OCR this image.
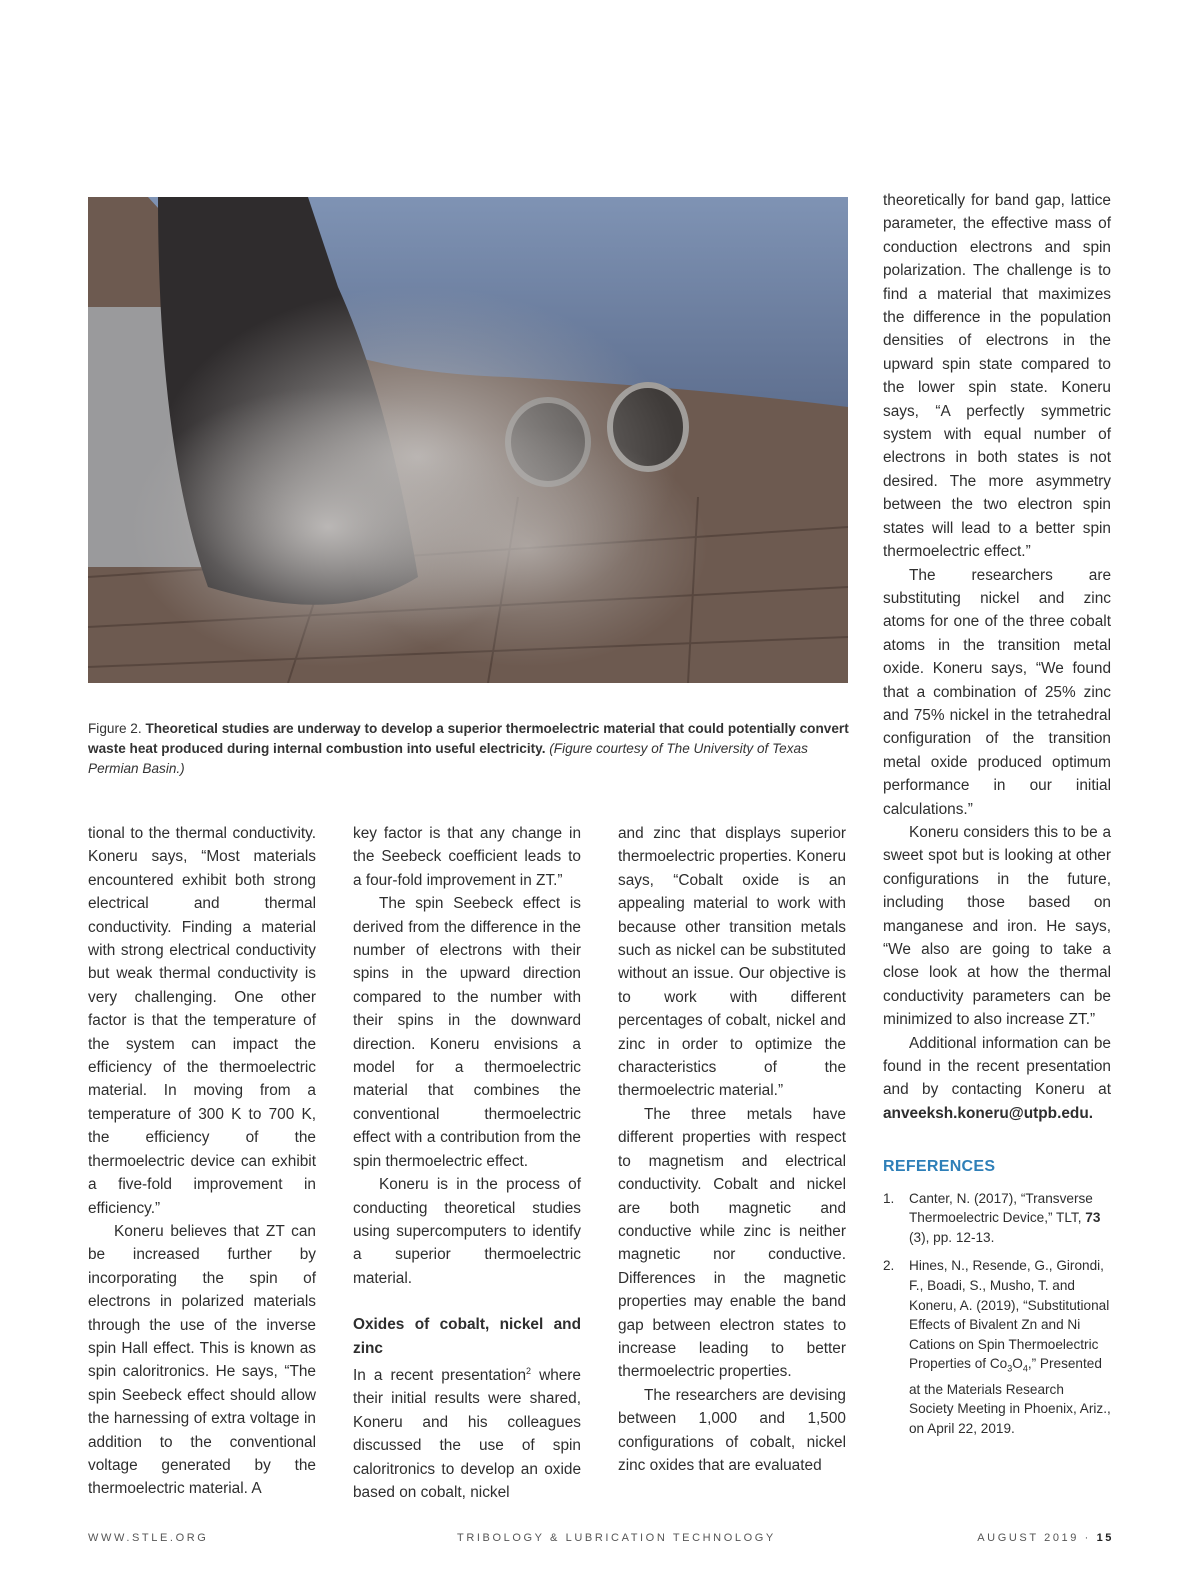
Figure 2. Theoretical studies are underway to develop a superior thermoelectric material that could potentially convert waste heat produced during internal combustion into useful electricity. (Figure courtesy of The University of Texas Permian Basin.)

tional to the thermal conductivity. Koneru says, “Most materials encountered exhibit both strong electrical and thermal conductivity. Finding a material with strong electrical conductivity but weak thermal conductivity is very challenging. One other factor is that the temperature of the system can impact the efficiency of the thermoelectric material. In moving from a temperature of 300 K to 700 K, the efficiency of the thermoelectric device can exhibit a five-fold improvement in efficiency.”

Koneru believes that ZT can be increased further by incorporating the spin of electrons in polarized materials through the use of the inverse spin Hall effect. This is known as spin caloritronics. He says, “The spin Seebeck effect should allow the harnessing of extra voltage in addition to the conventional voltage generated by the thermoelectric material. A

key factor is that any change in the Seebeck coefficient leads to a four-fold improvement in ZT.”

The spin Seebeck effect is derived from the difference in the number of electrons with their spins in the upward direction compared to the number with their spins in the downward direction. Koneru envisions a model for a thermoelectric material that combines the conventional thermoelectric effect with a contribution from the spin thermoelectric effect.

Koneru is in the process of conducting theoretical studies using supercomputers to identify a superior thermoelectric material.

Oxides of cobalt, nickel and zinc

In a recent presentation$^2$ where their initial results were shared, Koneru and his colleagues discussed the use of spin caloritronics to develop an oxide based on cobalt, nickel

and zinc that displays superior thermoelectric properties. Koneru says, “Cobalt oxide is an appealing material to work with because other transition metals such as nickel can be substituted without an issue. Our objective is to work with different percentages of cobalt, nickel and zinc in order to optimize the characteristics of the thermoelectric material.”

The three metals have different properties with respect to magnetism and electrical conductivity. Cobalt and nickel are both magnetic and conductive while zinc is neither magnetic nor conductive. Differences in the magnetic properties may enable the band gap between electron states to increase leading to better thermoelectric properties.

The researchers are devising between 1,000 and 1,500 configurations of cobalt, nickel zinc oxides that are evaluated

theoretically for band gap, lattice parameter, the effective mass of conduction electrons and spin polarization. The challenge is to find a material that maximizes the difference in the population densities of electrons in the upward spin state compared to the lower spin state. Koneru says, “A perfectly symmetric system with equal number of electrons in both states is not desired. The more asymmetry between the two electron spin states will lead to a better spin thermoelectric effect.”

The researchers are substituting nickel and zinc atoms for one of the three cobalt atoms in the transition metal oxide. Koneru says, “We found that a combination of 25% zinc and 75% nickel in the tetrahedral configuration of the transition metal oxide produced optimum performance in our initial calculations.”

Koneru considers this to be a sweet spot but is looking at other configurations in the future, including those based on manganese and iron. He says, “We also are going to take a close look at how the thermal conductivity parameters can be minimized to also increase ZT.”

Additional information can be found in the recent presentation and by contacting Koneru at anveeksh.koneru@utpb.edu.

REFERENCES
1. Canter, N. (2017), “Transverse Thermoelectric Device,” TLT, 73 (3), pp. 12-13.
2. Hines, N., Resende, G., Girondi, F., Boadi, S., Musho, T. and Koneru, A. (2019), “Substitutional Effects of Bivalent Zn and Ni Cations on Spin Thermoelectric Properties of $Co_3O_4$,” Presented at the Materials Research Society Meeting in Phoenix, Ariz., on April 22, 2019.
WWW.STLE.ORG	TRIBOLOGY & LUBRICATION TECHNOLOGY	AUGUST 2019 · 15
